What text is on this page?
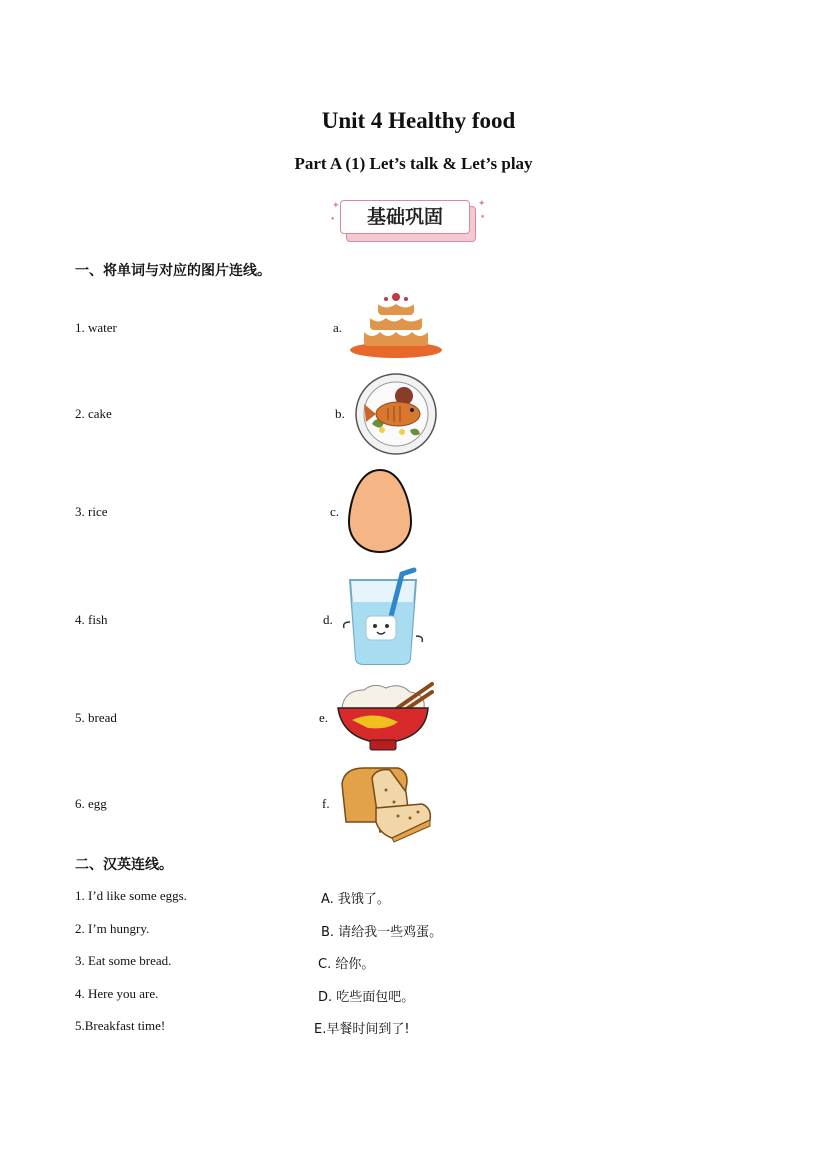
Unit 4 Healthy food
Part A (1) Let’s talk & Let’s play
基础巩固
✦
•
✦
•
一、将单词与对应的图片连线。
1. water
2. cake
3. rice
4. fish
5. bread
6. egg
a.
b.
c.
d.
e.
f.
二、汉英连线。
1. I’d like some eggs.
2. I’m hungry.
3. Eat some bread.
4. Here you are.
5.Breakfast time!
A. 我饿了。
B. 请给我一些鸡蛋。
C. 给你。
D. 吃些面包吧。
E.早餐时间到了!
